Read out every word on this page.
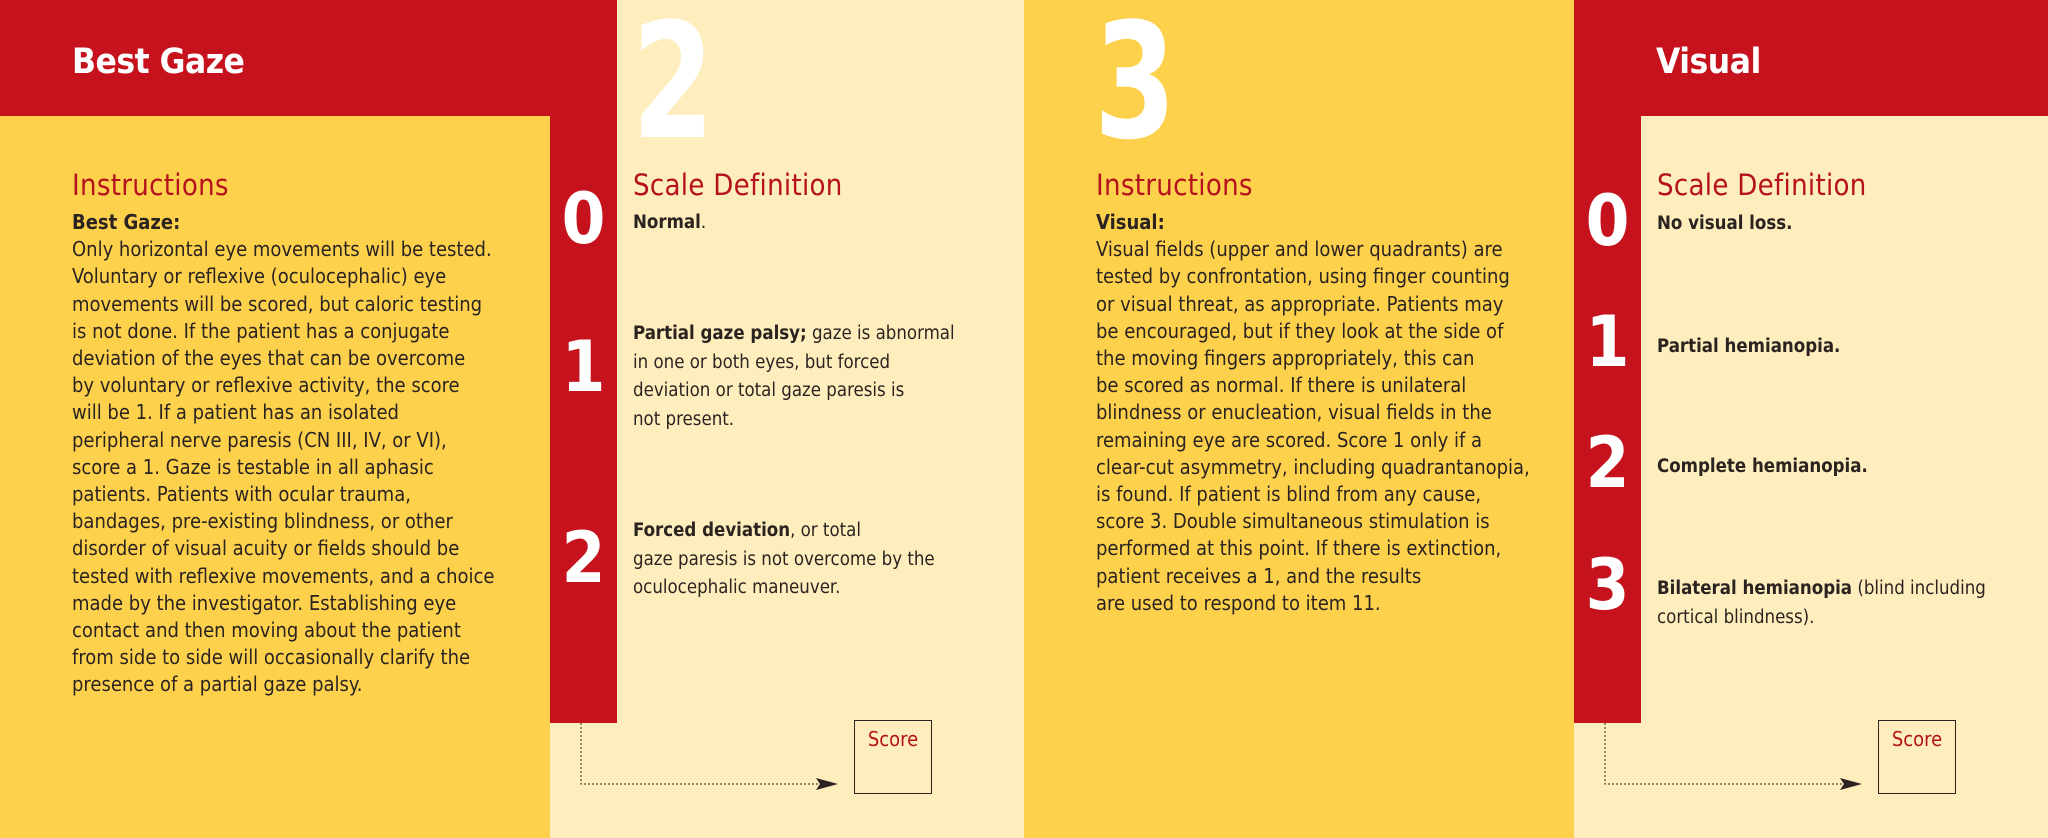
Best Gaze 2
Instructions
Best Gaze:
Only horizontal eye movements will be tested.
Voluntary or reflexive (oculocephalic) eye
movements will be scored, but caloric testing
is not done. If the patient has a conjugate
deviation of the eyes that can be overcome
by voluntary or reflexive activity, the score
will be 1. If a patient has an isolated
peripheral nerve paresis (CN III, IV, or VI),
score a 1. Gaze is testable in all aphasic
patients. Patients with ocular trauma,
bandages, pre-existing blindness, or other
disorder of visual acuity or fields should be
tested with reflexive movements, and a choice
made by the investigator. Establishing eye
contact and then moving about the patient
from side to side will occasionally clarify the
presence of a partial gaze palsy.
Scale Definition
0	Normal.
1	Partial gaze palsy; gaze is abnormal
in one or both eyes, but forced
deviation or total gaze paresis is
not present.
2	Forced deviation, or total
gaze paresis is not overcome by the
oculocephalic maneuver.
Score
Visual
3
Instructions
Visual:
Visual fields (upper and lower quadrants) are
tested by confrontation, using finger counting
or visual threat, as appropriate. Patients may
be encouraged, but if they look at the side of
the moving fingers appropriately, this can
be scored as normal. If there is unilateral
blindness or enucleation, visual fields in the
remaining eye are scored. Score 1 only if a
clear-cut asymmetry, including quadrantanopia,
is found. If patient is blind from any cause,
score 3. Double simultaneous stimulation is
performed at this point. If there is extinction,
patient receives a 1, and the results
are used to respond to item 11.
Scale Definition
0	No visual loss.
1	Partial hemianopia.
2	Complete hemianopia.
3	Bilateral hemianopia (blind including
cortical blindness).
Score
